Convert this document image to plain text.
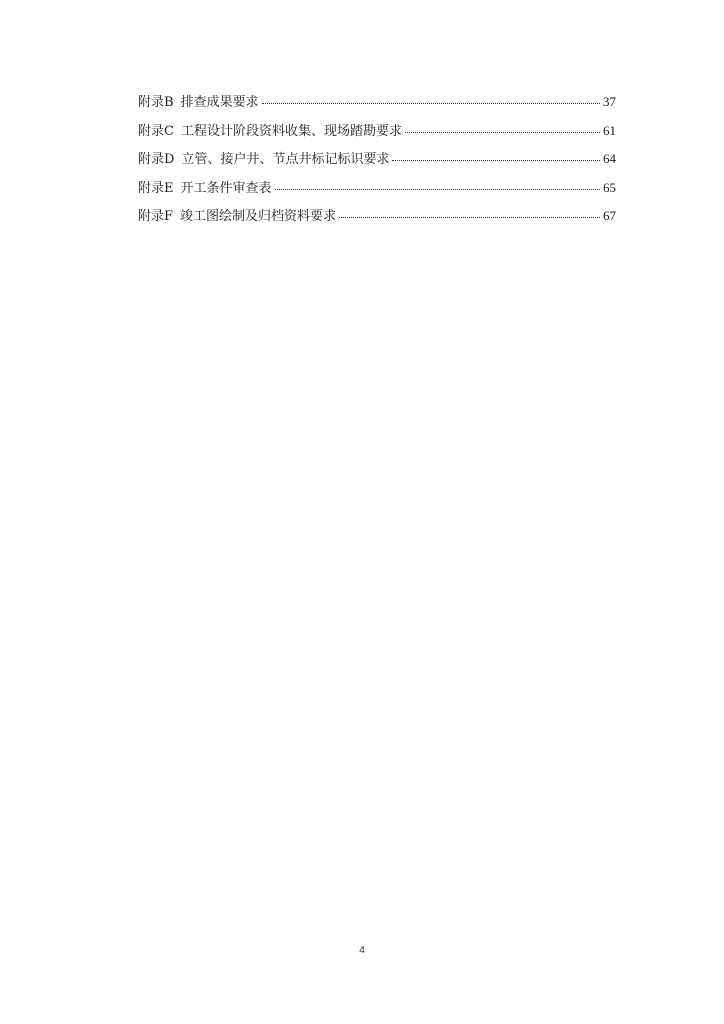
附录B 排查成果要求	37
附录C 工程设计阶段资料收集、现场踏勘要求	61
附录D 立管、接户井、节点井标记标识要求	64
附录E 开工条件审查表	65
附录F 竣工图绘制及归档资料要求	67
4
